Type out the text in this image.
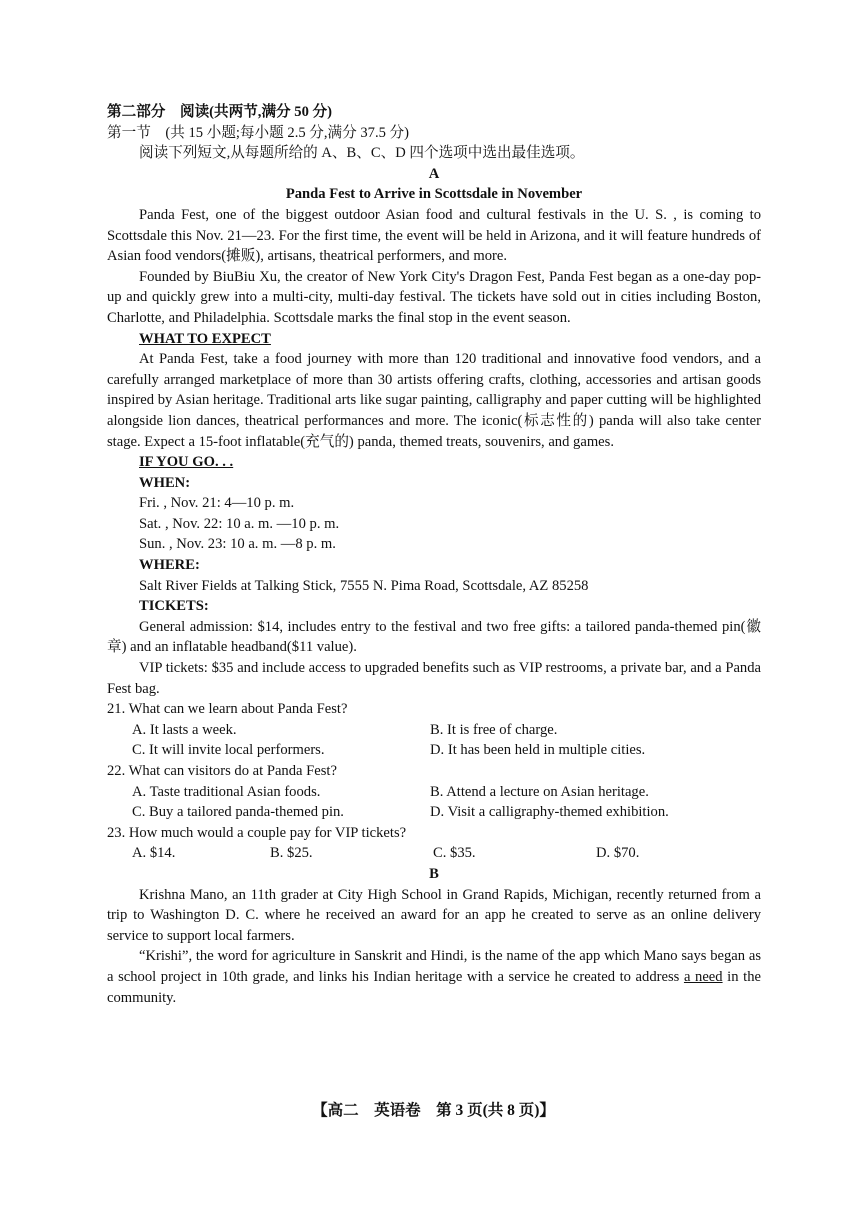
第二部分　阅读(共两节,满分 50 分)

第一节　(共 15 小题;每小题 2.5 分,满分 37.5 分)

阅读下列短文,从每题所给的 A、B、C、D 四个选项中选出最佳选项。

A

Panda Fest to Arrive in Scottsdale in November

Panda Fest, one of the biggest outdoor Asian food and cultural festivals in the U. S. , is coming to Scottsdale this Nov. 21—23. For the first time, the event will be held in Arizona, and it will feature hundreds of Asian food vendors(摊贩), artisans, theatrical performers, and more.

Founded by BiuBiu Xu, the creator of New York City's Dragon Fest, Panda Fest began as a one-day pop-up and quickly grew into a multi-city, multi-day festival. The tickets have sold out in cities including Boston, Charlotte, and Philadelphia. Scottsdale marks the final stop in the event season.

WHAT TO EXPECT

At Panda Fest, take a food journey with more than 120 traditional and innovative food vendors, and a carefully arranged marketplace of more than 30 artists offering crafts, clothing, accessories and artisan goods inspired by Asian heritage. Traditional arts like sugar painting, calligraphy and paper cutting will be highlighted alongside lion dances, theatrical performances and more. The iconic(标志性的) panda will also take center stage. Expect a 15-foot inflatable(充气的) panda, themed treats, souvenirs, and games.

IF YOU GO. . .

WHEN:

Fri. , Nov. 21: 4—10 p. m.

Sat. , Nov. 22: 10 a. m. —10 p. m.

Sun. , Nov. 23: 10 a. m. —8 p. m.

WHERE:

Salt River Fields at Talking Stick, 7555 N. Pima Road, Scottsdale, AZ 85258

TICKETS:

General admission: $14, includes entry to the festival and two free gifts: a tailored panda-themed pin(徽章) and an inflatable headband($11 value).

VIP tickets: $35 and include access to upgraded benefits such as VIP restrooms, a private bar, and a Panda Fest bag.

21. What can we learn about Panda Fest?

A. It lasts a week.	B. It is free of charge.
C. It will invite local performers.	D. It has been held in multiple cities.

22. What can visitors do at Panda Fest?

A. Taste traditional Asian foods.	B. Attend a lecture on Asian heritage.
C. Buy a tailored panda-themed pin.	D. Visit a calligraphy-themed exhibition.

23. How much would a couple pay for VIP tickets?

A. $14.	B. $25.	C. $35.	D. $70.

B

Krishna Mano, an 11th grader at City High School in Grand Rapids, Michigan, recently returned from a trip to Washington D. C. where he received an award for an app he created to serve as an online delivery service to support local farmers.

“Krishi”, the word for agriculture in Sanskrit and Hindi, is the name of the app which Mano says began as a school project in 10th grade, and links his Indian heritage with a service he created to address a need in the community.

【高二　英语卷　第 3 页(共 8 页)】
